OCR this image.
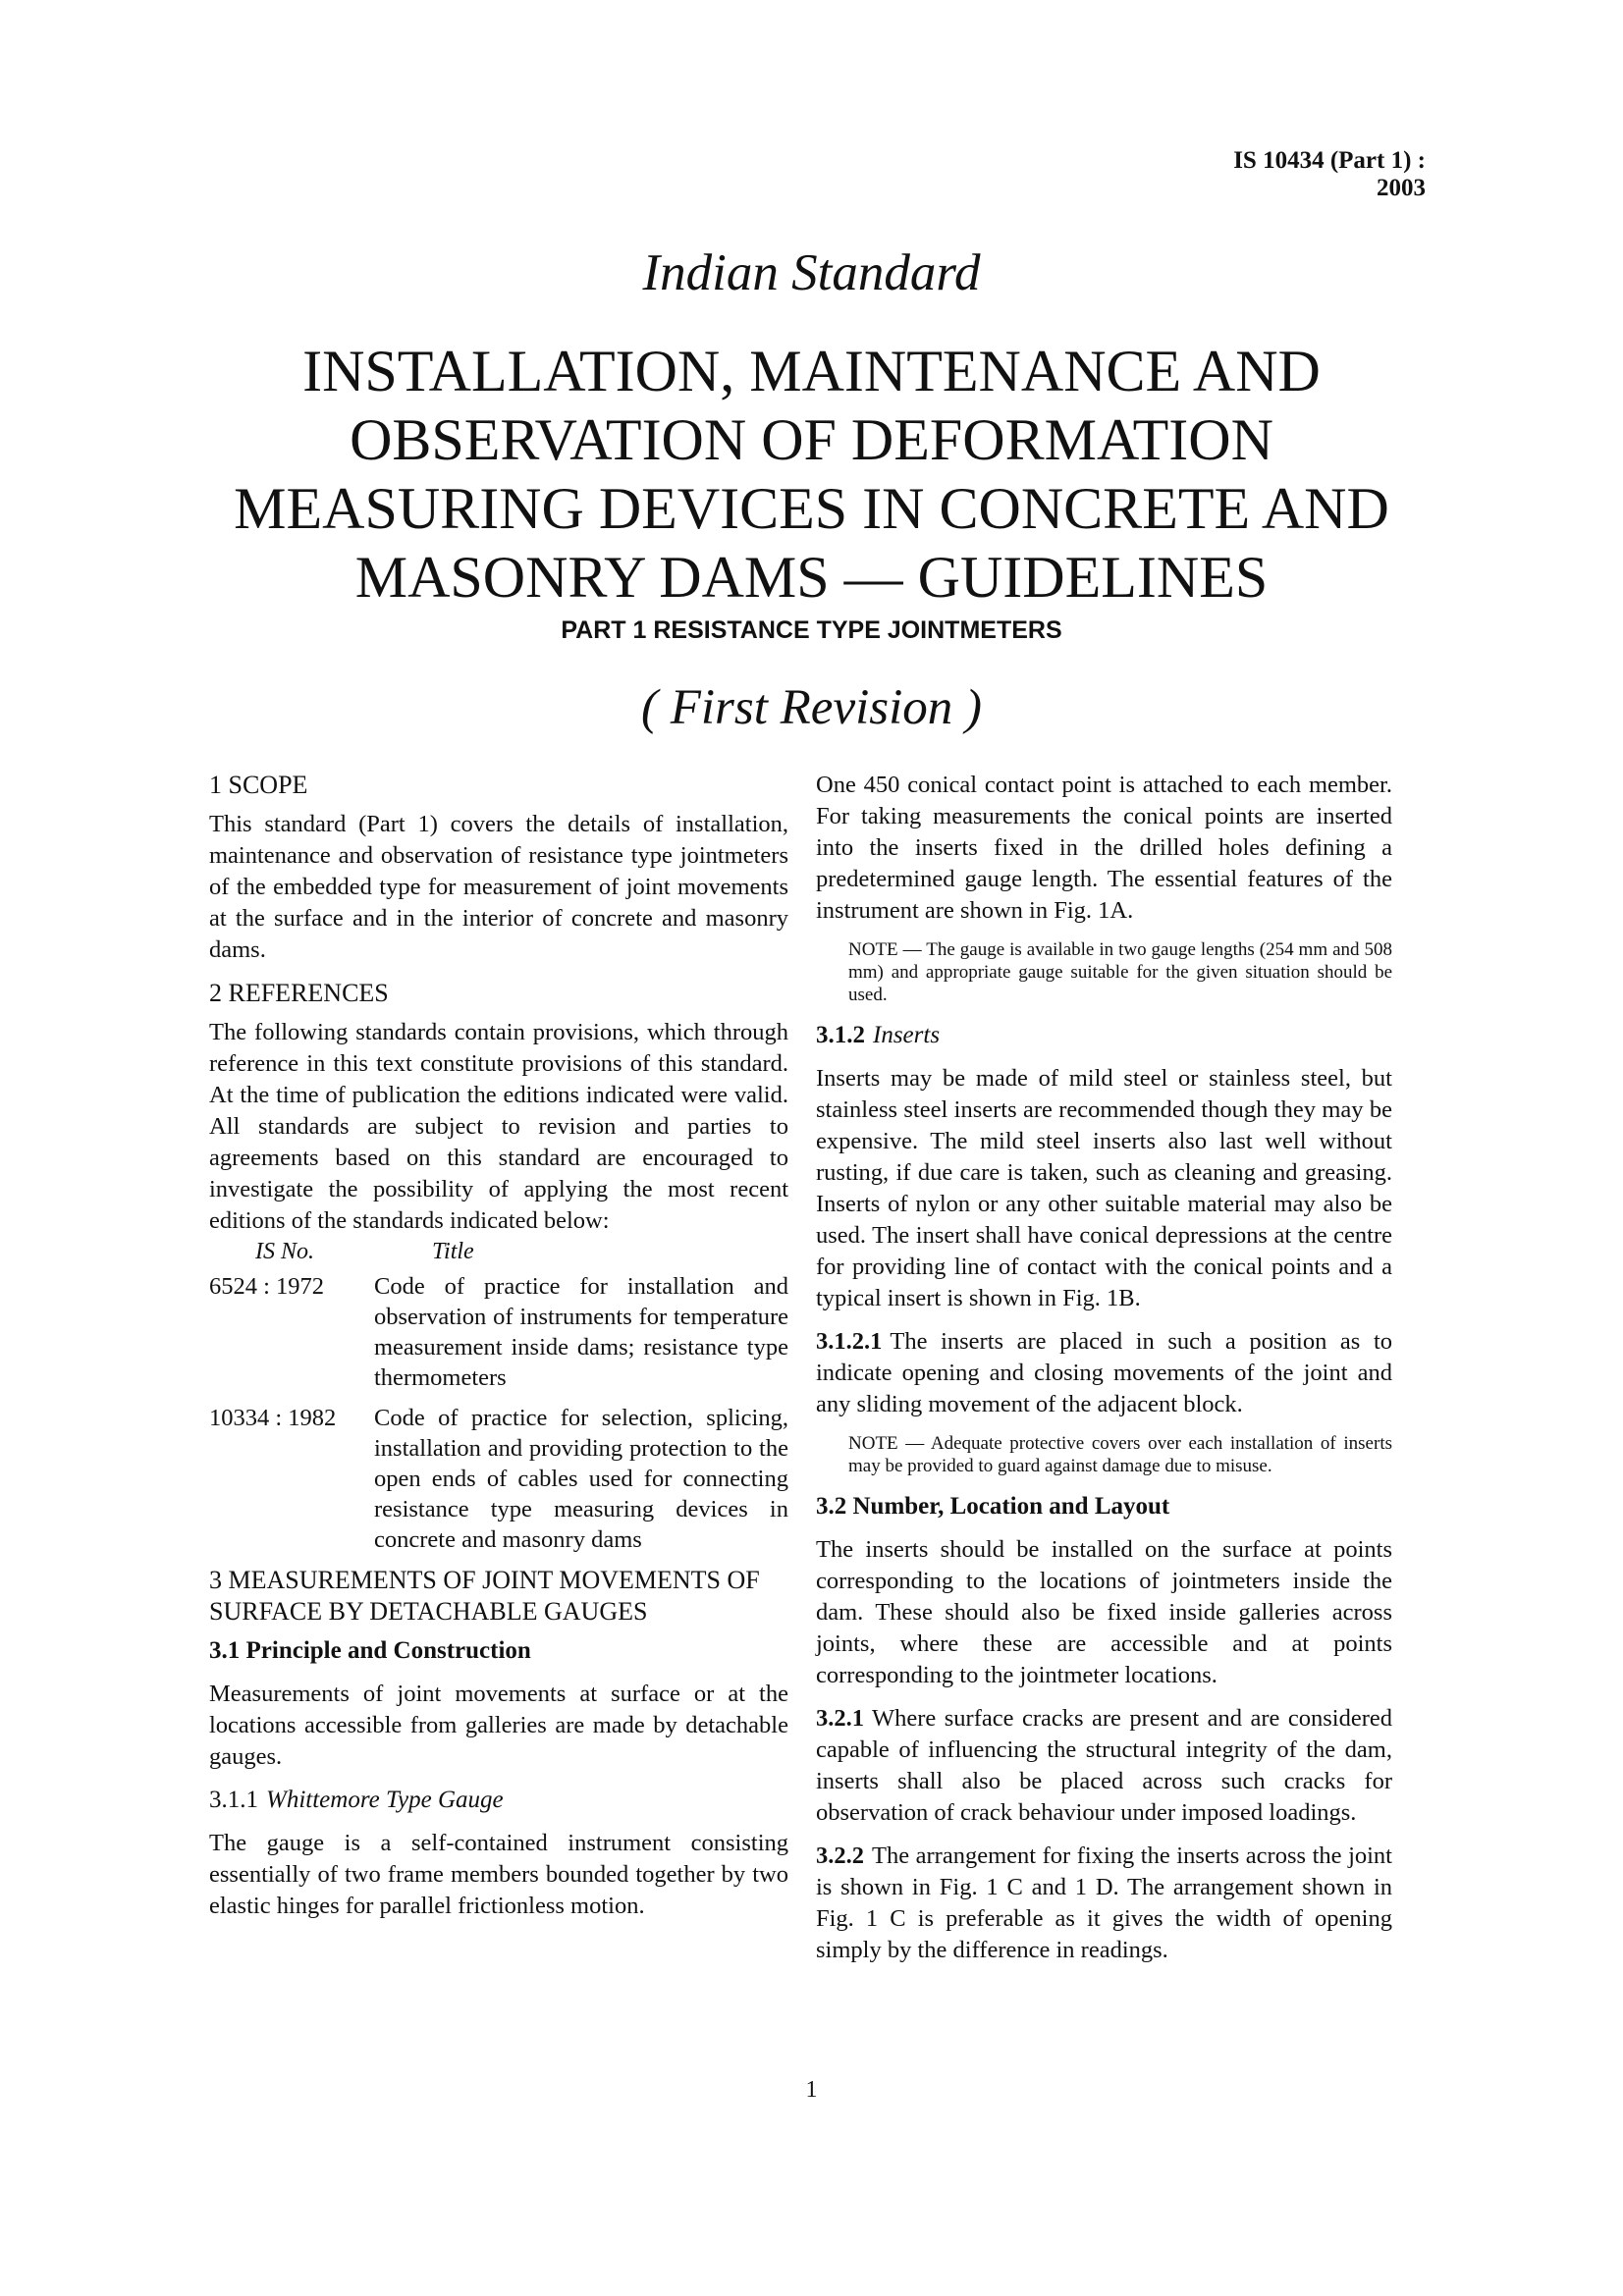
IS 10434 (Part 1) : 2003
Indian Standard
INSTALLATION, MAINTENANCE AND
OBSERVATION OF DEFORMATION
MEASURING DEVICES IN CONCRETE AND
MASONRY DAMS — GUIDELINES
PART 1 RESISTANCE TYPE JOINTMETERS
( First Revision )
1 SCOPE
This standard (Part 1) covers the details of installation, maintenance and observation of resistance type jointmeters of the embedded type for measurement of joint movements at the surface and in the interior of concrete and masonry dams.
2 REFERENCES
The following standards contain provisions, which through reference in this text constitute provisions of this standard. At the time of publication the editions indicated were valid. All standards are subject to revision and parties to agreements based on this standard are encouraged to investigate the possibility of applying the most recent editions of the standards indicated below:
IS No.	Title
6524 : 1972	Code of practice for installation and observation of instruments for temperature measurement inside dams; resistance type thermometers
10334 : 1982	Code of practice for selection, splicing, installation and providing protection to the open ends of cables used for connecting resistance type measuring devices in concrete and masonry dams
3 MEASUREMENTS OF JOINT MOVEMENTS OF SURFACE BY DETACHABLE GAUGES
3.1 Principle and Construction
Measurements of joint movements at surface or at the locations accessible from galleries are made by detachable gauges.
3.1.1 Whittemore Type Gauge
The gauge is a self-contained instrument consisting essentially of two frame members bounded together by two elastic hinges for parallel frictionless motion.
One 450 conical contact point is attached to each member. For taking measurements the conical points are inserted into the inserts fixed in the drilled holes defining a predetermined gauge length. The essential features of the instrument are shown in Fig. 1A.
NOTE — The gauge is available in two gauge lengths (254 mm and 508 mm) and appropriate gauge suitable for the given situation should be used.
3.1.2 Inserts
Inserts may be made of mild steel or stainless steel, but stainless steel inserts are recommended though they may be expensive. The mild steel inserts also last well without rusting, if due care is taken, such as cleaning and greasing. Inserts of nylon or any other suitable material may also be used. The insert shall have conical depressions at the centre for providing line of contact with the conical points and a typical insert is shown in Fig. 1B.
3.1.2.1 The inserts are placed in such a position as to indicate opening and closing movements of the joint and any sliding movement of the adjacent block.
NOTE — Adequate protective covers over each installation of inserts may be provided to guard against damage due to misuse.
3.2 Number, Location and Layout
The inserts should be installed on the surface at points corresponding to the locations of jointmeters inside the dam. These should also be fixed inside galleries across joints, where these are accessible and at points corresponding to the jointmeter locations.
3.2.1 Where surface cracks are present and are considered capable of influencing the structural integrity of the dam, inserts shall also be placed across such cracks for observation of crack behaviour under imposed loadings.
3.2.2 The arrangement for fixing the inserts across the joint is shown in Fig. 1 C and 1 D. The arrangement shown in Fig. 1 C is preferable as it gives the width of opening simply by the difference in readings.
1
